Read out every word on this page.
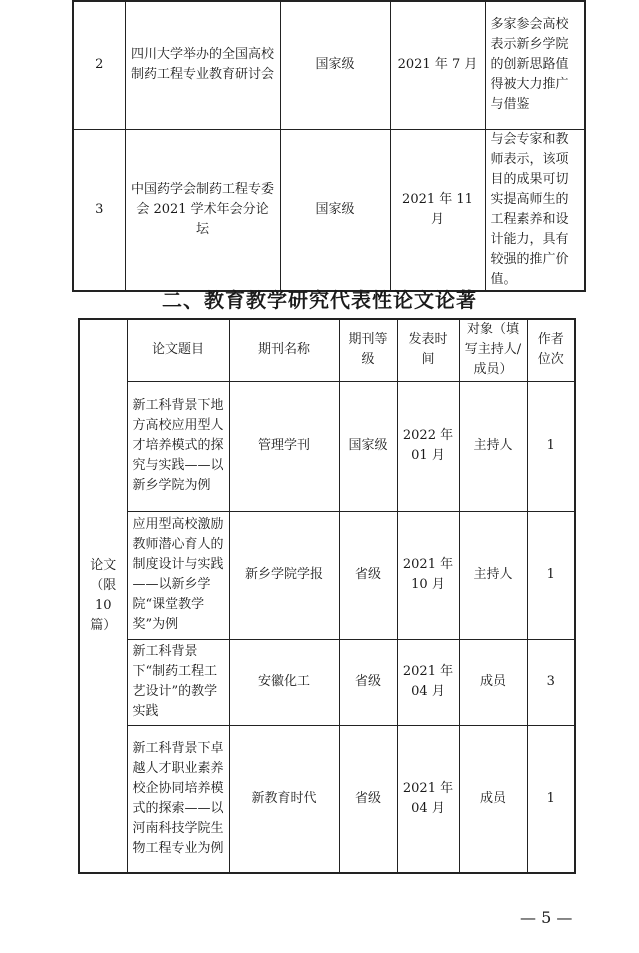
2	四川大学举办的全国高校制药工程专业教育研讨会	国家级	2021 年 7 月	多家参会高校表示新乡学院的创新思路值得被大力推广与借鉴
3	中国药学会制药工程专委会 2021 学术年会分论坛	国家级	2021 年 11 月	与会专家和教师表示，该项目的成果可切实提高师生的工程素养和设计能力，具有较强的推广价值。
二、教育教学研究代表性论文论著
论文（限 10 篇）	论文题目	期刊名称	期刊等级	发表时间	对象（填写主持人/成员）	作者位次
	新工科背景下地方高校应用型人才培养模式的探究与实践——以新乡学院为例	管理学刊	国家级	2022 年 01 月	主持人	1
	应用型高校激励教师潜心育人的制度设计与实践——以新乡学院“课堂教学奖”为例	新乡学院学报	省级	2021 年 10 月	主持人	1
	新工科背景下“制药工程工艺设计”的教学实践	安徽化工	省级	2021 年 04 月	成员	3
	新工科背景下卓越人才职业素养校企协同培养模式的探索——以河南科技学院生物工程专业为例	新教育时代	省级	2021 年 04 月	成员	1
— 5 —
